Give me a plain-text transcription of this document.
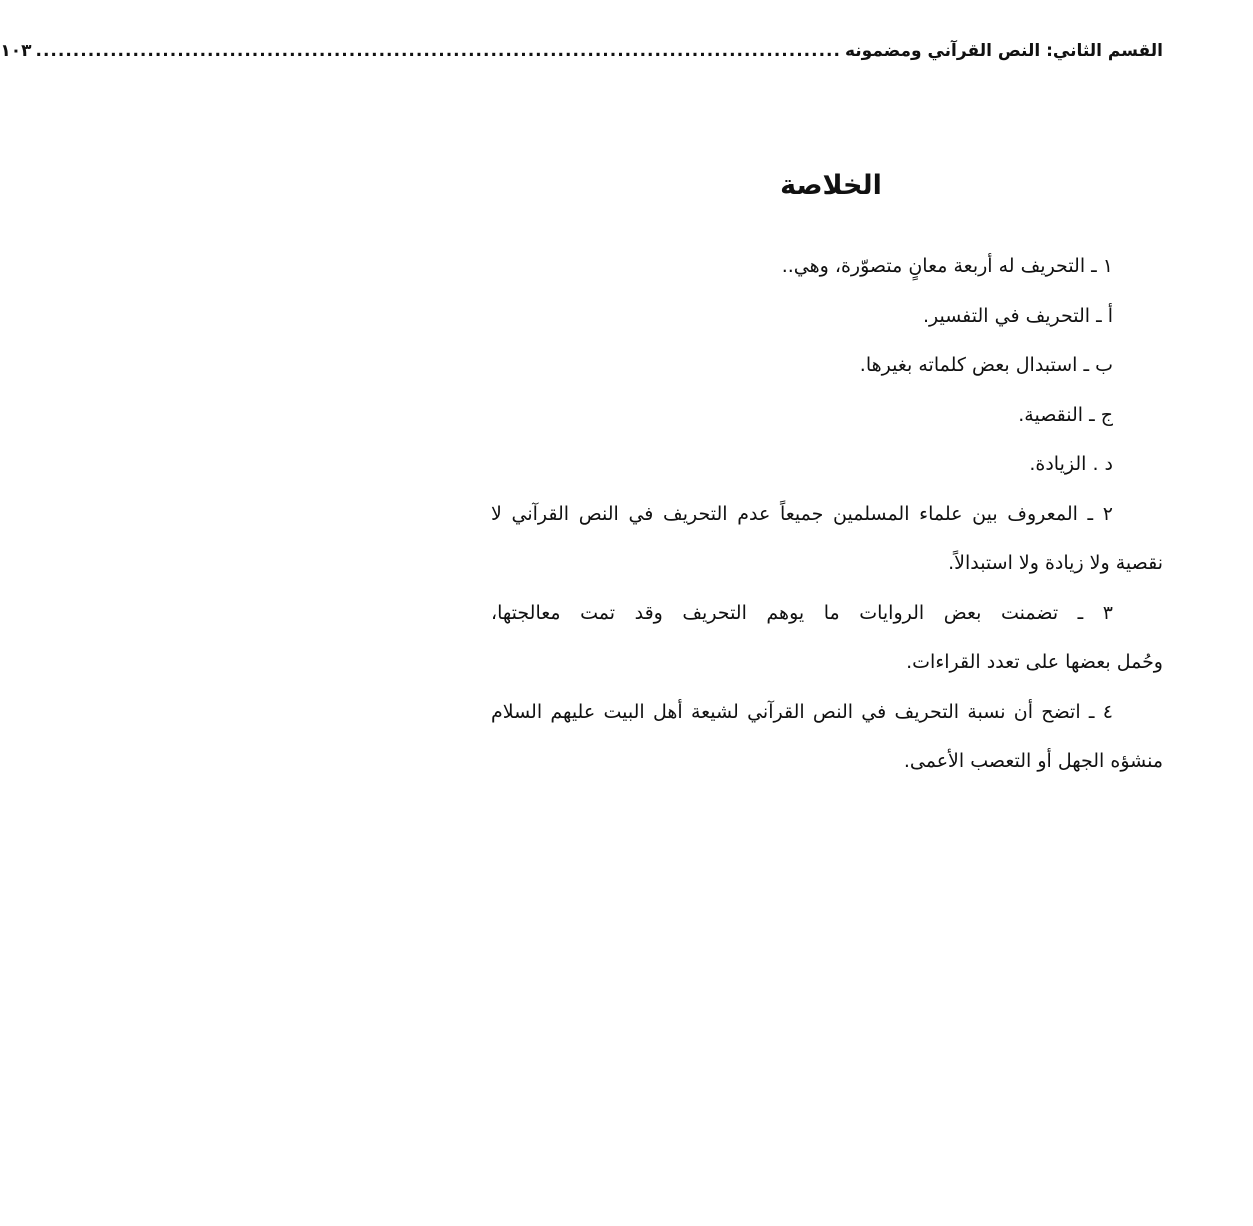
القسم الثاني: النص القرآني ومضمونه
............................................................................................................
١٠٣
الخلاصة
١ ـ التحريف له أربعة معانٍ متصوّرة، وهي..
أ ـ التحريف في التفسير.
ب ـ استبدال بعض كلماته بغيرها.
ج ـ النقصية.
د . الزيادة.
٢ ـ المعروف بين علماء المسلمين جميعاً عدم التحريف في النص القرآني لا
نقصية ولا زيادة ولا استبدالاً.
٣ ـ تضمنت بعض الروايات ما يوهم التحريف وقد تمت معالجتها،
وحُمل بعضها على تعدد القراءات.
٤ ـ اتضح أن نسبة التحريف في النص القرآني لشيعة أهل البيت عليهم السلام
منشؤه الجهل أو التعصب الأعمى.
